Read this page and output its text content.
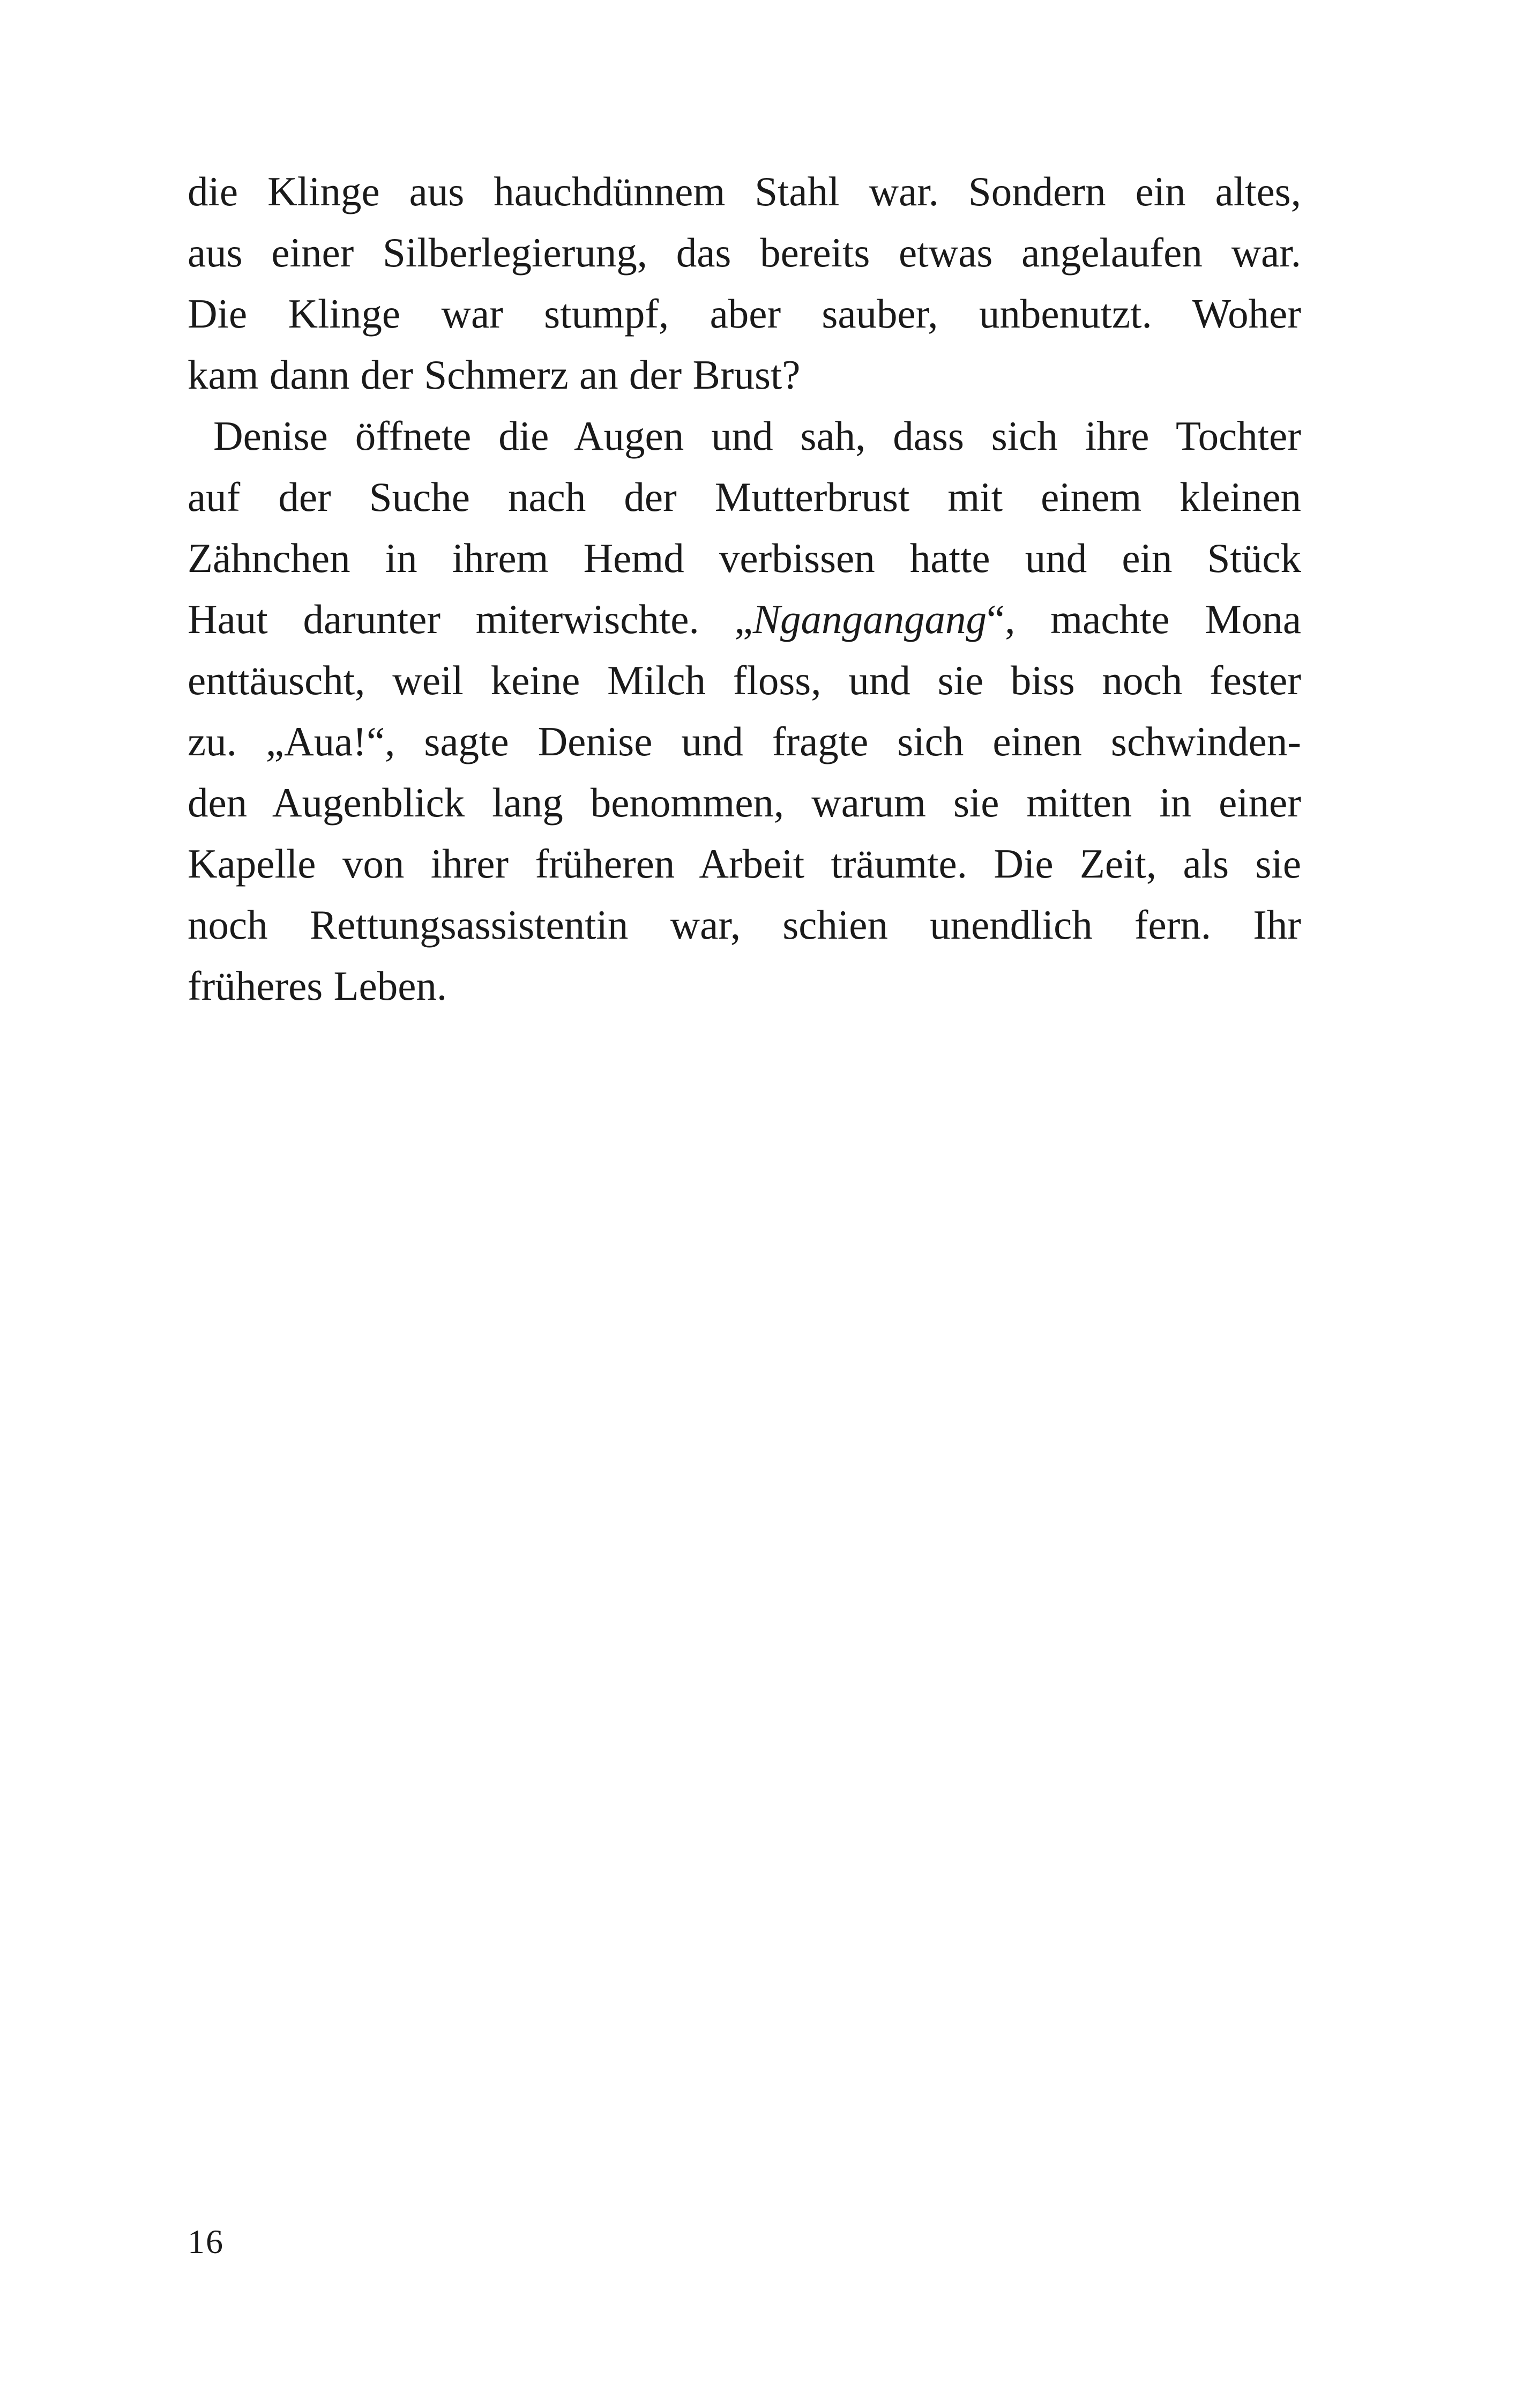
die Klinge aus hauchdünnem Stahl war. Sondern ein altes,
aus einer Silberlegierung, das bereits etwas angelaufen war.
Die Klinge war stumpf, aber sauber, unbenutzt. Woher
kam dann der Schmerz an der Brust?
Denise öffnete die Augen und sah, dass sich ihre Tochter
auf der Suche nach der Mutterbrust mit einem kleinen
Zähnchen in ihrem Hemd verbissen hatte und ein Stück
Haut darunter miterwischte. „Ngangangang“, machte Mona
enttäuscht, weil keine Milch floss, und sie biss noch fester
zu. „Aua!“, sagte Denise und fragte sich einen schwinden-
den Augenblick lang benommen, warum sie mitten in einer
Kapelle von ihrer früheren Arbeit träumte. Die Zeit, als sie
noch Rettungsassistentin war, schien unendlich fern. Ihr
früheres Leben.
16
